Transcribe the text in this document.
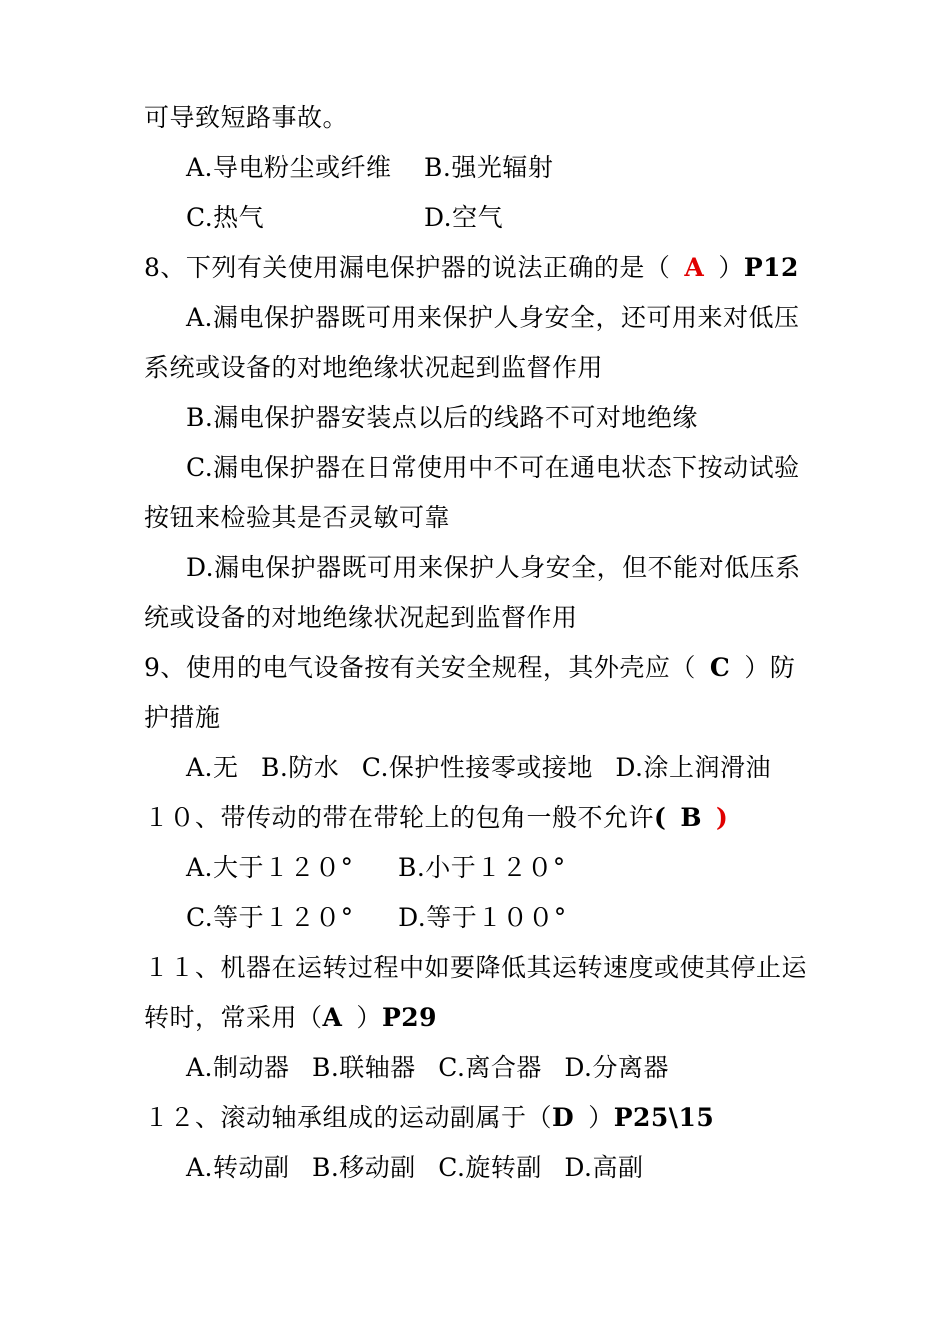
可导致短路事故。
A.导电粉尘或纤维 B.强光辐射
C.热气	D.空气
8、下列有关使用漏电保护器的说法正确的是（ A ）P12
A.漏电保护器既可用来保护人身安全，还可用来对低压
系统或设备的对地绝缘状况起到监督作用
B.漏电保护器安装点以后的线路不可对地绝缘
C.漏电保护器在日常使用中不可在通电状态下按动试验
按钮来检验其是否灵敏可靠
D.漏电保护器既可用来保护人身安全，但不能对低压系
统或设备的对地绝缘状况起到监督作用
9、使用的电气设备按有关安全规程，其外壳应（ C ）防
护措施
A.无 B.防水 C.保护性接零或接地 D.涂上润滑油
１０、带传动的带在带轮上的包角一般不允许( B )
A.大于１２０° B.小于１２０°
C.等于１２０° D.等于１００°
１１、机器在运转过程中如要降低其运转速度或使其停止运
转时，常采用（A ）P29
A.制动器 B.联轴器 C.离合器 D.分离器
１２、滚动轴承组成的运动副属于（D ）P25\15
A.转动副 B.移动副 C.旋转副 D.高副
